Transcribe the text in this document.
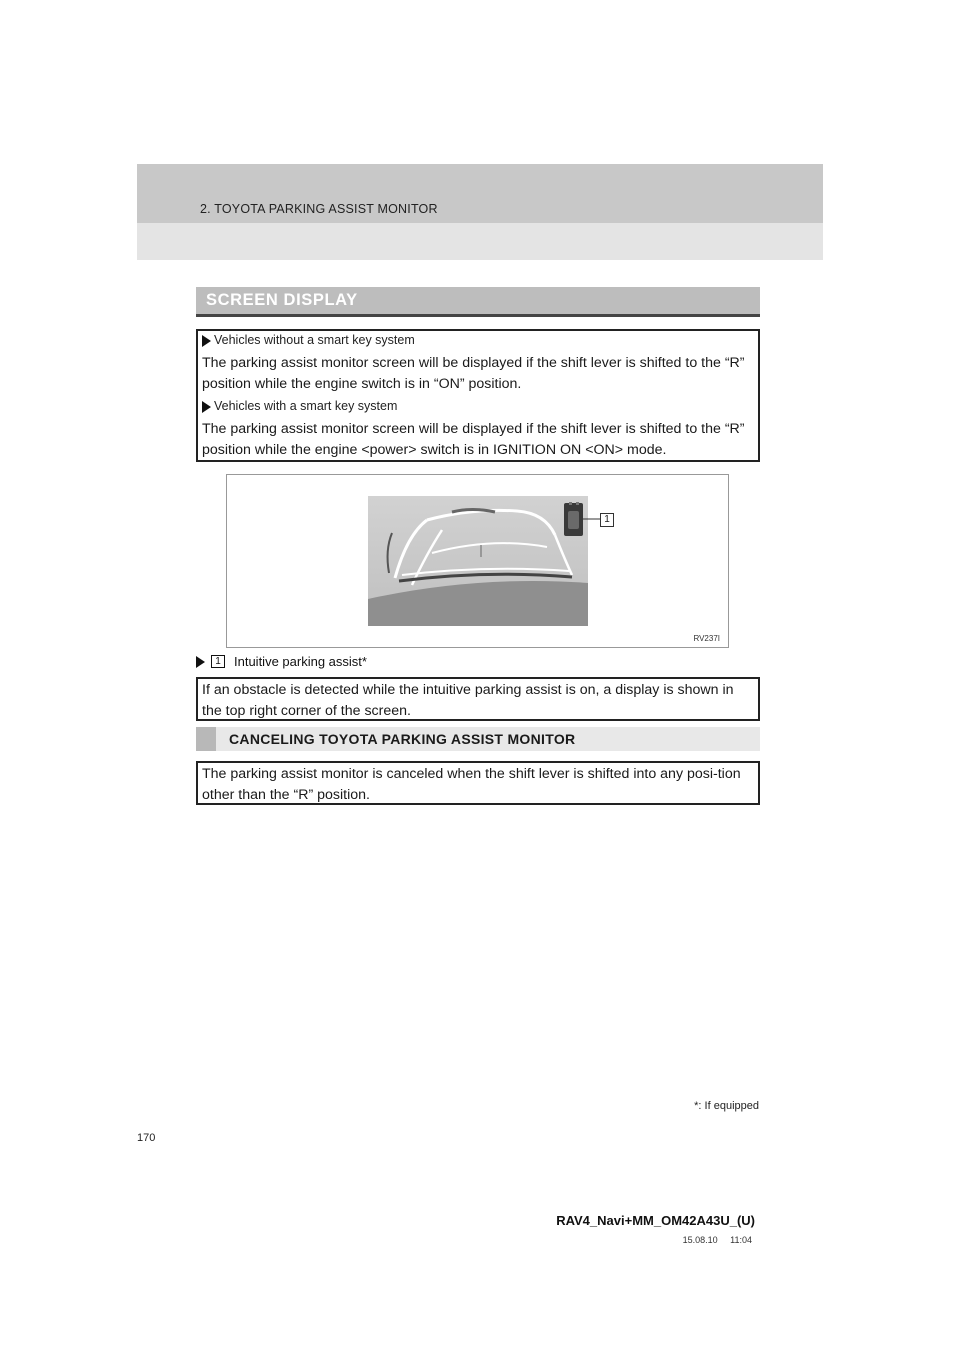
2. TOYOTA PARKING ASSIST MONITOR
SCREEN DISPLAY
Vehicles without a smart key system
The parking assist monitor screen will be displayed if the shift lever is shifted to the “R” position while the engine switch is in “ON” position.
Vehicles with a smart key system
The parking assist monitor screen will be displayed if the shift lever is shifted to the “R” position while the engine <power> switch is in IGNITION ON <ON> mode.
RV237I
1
1	Intuitive parking assist*
If an obstacle is detected while the intuitive parking assist is on, a display is shown in the top right corner of the screen.
CANCELING TOYOTA PARKING ASSIST MONITOR
The parking assist monitor is canceled when the shift lever is shifted into any posi-tion other than the “R” position.
*: If equipped
170
RAV4_Navi+MM_OM42A43U_(U)
15.08.10     11:04
